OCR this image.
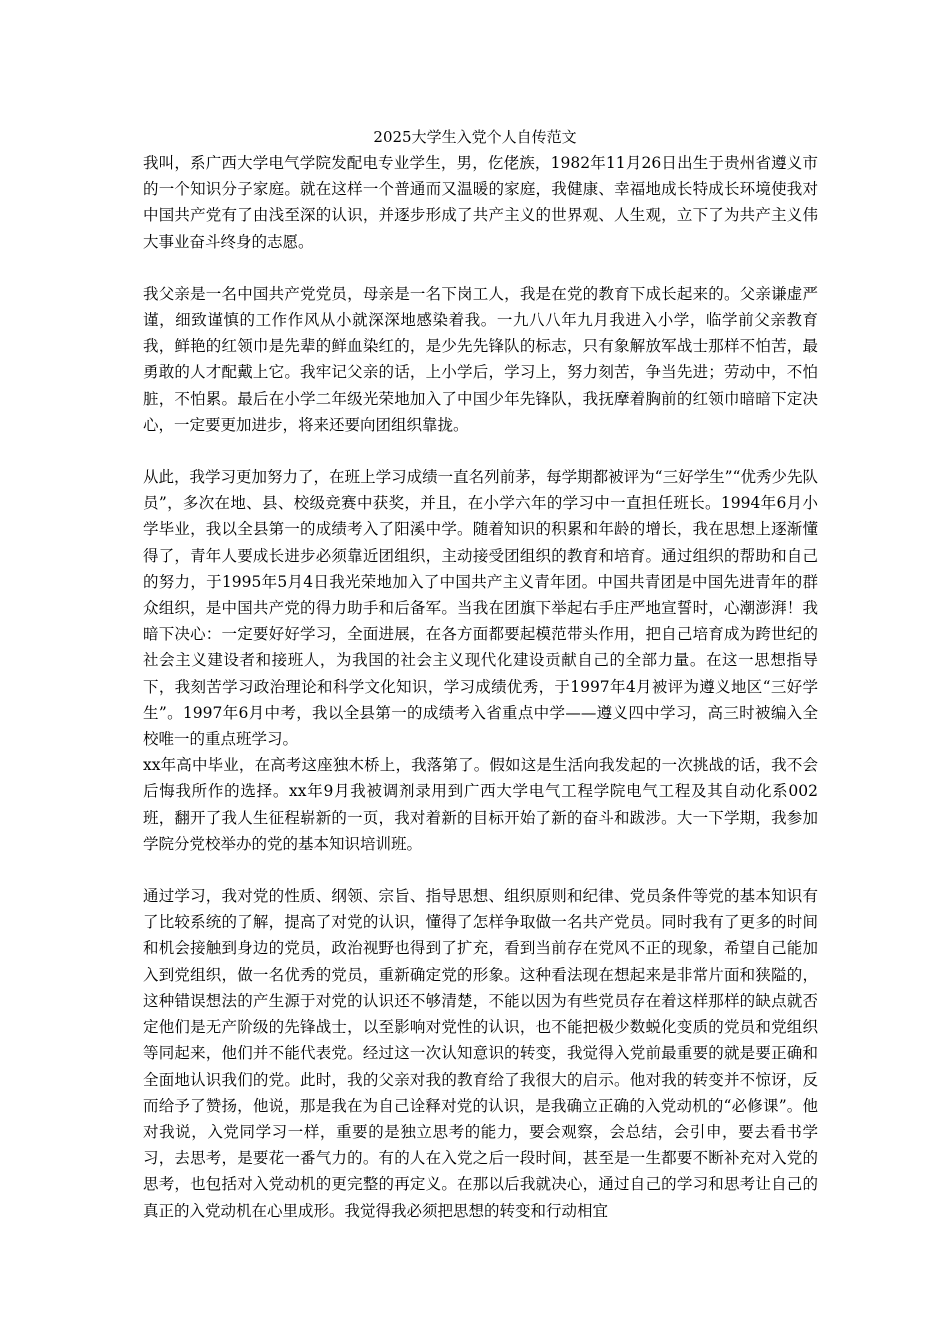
2025大学生入党个人自传范文

我叫，系广西大学电气学院发配电专业学生，男，仡佬族，1982年11月26日出生于贵州省遵义市的一个知识分子家庭。就在这样一个普通而又温暖的家庭，我健康、幸福地成长特成长环境使我对中国共产党有了由浅至深的认识，并逐步形成了共产主义的世界观、人生观，立下了为共产主义伟大事业奋斗终身的志愿。

我父亲是一名中国共产党党员，母亲是一名下岗工人，我是在党的教育下成长起来的。父亲谦虚严谨，细致谨慎的工作作风从小就深深地感染着我。一九八八年九月我进入小学，临学前父亲教育我，鲜艳的红领巾是先辈的鲜血染红的，是少先先锋队的标志，只有象解放军战士那样不怕苦，最勇敢的人才配戴上它。我牢记父亲的话，上小学后，学习上，努力刻苦，争当先进；劳动中，不怕脏，不怕累。最后在小学二年级光荣地加入了中国少年先锋队，我抚摩着胸前的红领巾暗暗下定决心，一定要更加进步，将来还要向团组织靠拢。

从此，我学习更加努力了，在班上学习成绩一直名列前茅，每学期都被评为“三好学生”“优秀少先队员”，多次在地、县、校级竞赛中获奖，并且，在小学六年的学习中一直担任班长。1994年6月小学毕业，我以全县第一的成绩考入了阳溪中学。随着知识的积累和年龄的增长，我在思想上逐渐懂得了，青年人要成长进步必须靠近团组织，主动接受团组织的教育和培育。通过组织的帮助和自己的努力，于1995年5月4日我光荣地加入了中国共产主义青年团。中国共青团是中国先进青年的群众组织，是中国共产党的得力助手和后备军。当我在团旗下举起右手庄严地宣誓时，心潮澎湃！我暗下决心：一定要好好学习，全面进展，在各方面都要起模范带头作用，把自己培育成为跨世纪的社会主义建设者和接班人，为我国的社会主义现代化建设贡献自己的全部力量。在这一思想指导下，我刻苦学习政治理论和科学文化知识，学习成绩优秀，于1997年4月被评为遵义地区“三好学生”。1997年6月中考，我以全县第一的成绩考入省重点中学——遵义四中学习，高三时被编入全校唯一的重点班学习。

xx年高中毕业，在高考这座独木桥上，我落第了。假如这是生活向我发起的一次挑战的话，我不会后悔我所作的选择。xx年9月我被调剂录用到广西大学电气工程学院电气工程及其自动化系002班，翻开了我人生征程崭新的一页，我对着新的目标开始了新的奋斗和跋涉。大一下学期，我参加学院分党校举办的党的基本知识培训班。

通过学习，我对党的性质、纲领、宗旨、指导思想、组织原则和纪律、党员条件等党的基本知识有了比较系统的了解，提高了对党的认识，懂得了怎样争取做一名共产党员。同时我有了更多的时间和机会接触到身边的党员，政治视野也得到了扩充，看到当前存在党风不正的现象，希望自己能加入到党组织，做一名优秀的党员，重新确定党的形象。这种看法现在想起来是非常片面和狭隘的，这种错误想法的产生源于对党的认识还不够清楚，不能以因为有些党员存在着这样那样的缺点就否定他们是无产阶级的先锋战士，以至影响对党性的认识，也不能把极少数蜕化变质的党员和党组织等同起来，他们并不能代表党。经过这一次认知意识的转变，我觉得入党前最重要的就是要正确和全面地认识我们的党。此时，我的父亲对我的教育给了我很大的启示。他对我的转变并不惊讶，反而给予了赞扬，他说，那是我在为自己诠释对党的认识，是我确立正确的入党动机的“必修课”。他对我说，入党同学习一样，重要的是独立思考的能力，要会观察，会总结，会引申，要去看书学习，去思考，是要花一番气力的。有的人在入党之后一段时间，甚至是一生都要不断补充对入党的思考，也包括对入党动机的更完整的再定义。在那以后我就决心，通过自己的学习和思考让自己的真正的入党动机在心里成形。我觉得我必须把思想的转变和行动相宜
